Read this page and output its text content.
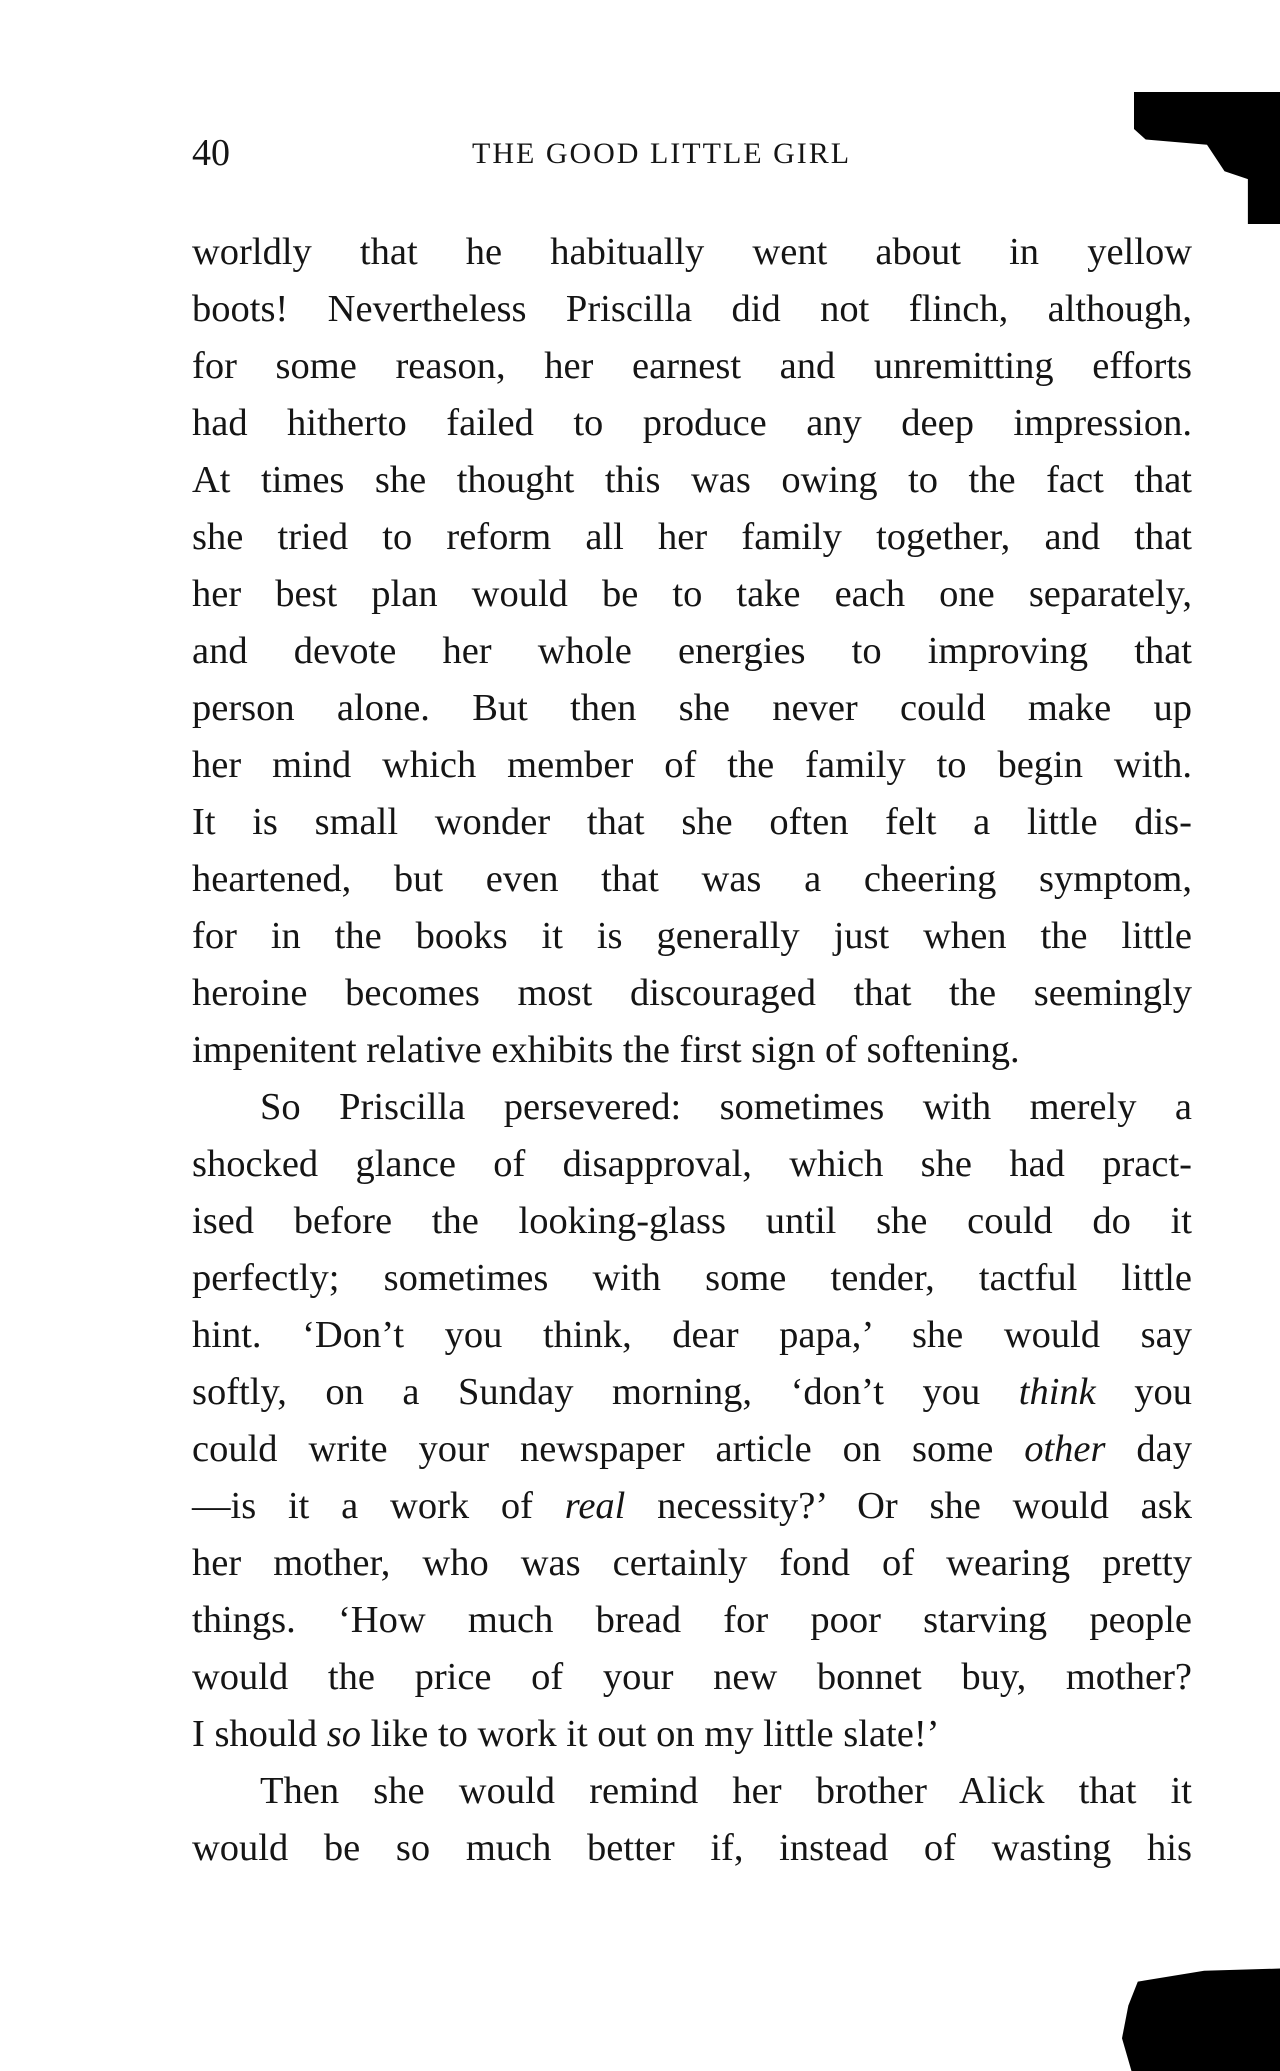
40	THE GOOD LITTLE GIRL
worldly that he habitually went about in yellow
boots! Nevertheless Priscilla did not flinch, although,
for some reason, her earnest and unremitting efforts
had hitherto failed to produce any deep impression.
At times she thought this was owing to the fact that
she tried to reform all her family together, and that
her best plan would be to take each one separately,
and devote her whole energies to improving that
person alone. But then she never could make up
her mind which member of the family to begin with.
It is small wonder that she often felt a little dis-
heartened, but even that was a cheering symptom,
for in the books it is generally just when the little
heroine becomes most discouraged that the seemingly
impenitent relative exhibits the first sign of softening.
So Priscilla persevered: sometimes with merely a
shocked glance of disapproval, which she had pract-
ised before the looking-glass until she could do it
perfectly; sometimes with some tender, tactful little
hint. ‘Don’t you think, dear papa,’ she would say
softly, on a Sunday morning, ‘don’t you think you
could write your newspaper article on some other day
—is it a work of real necessity?’ Or she would ask
her mother, who was certainly fond of wearing pretty
things. ‘How much bread for poor starving people
would the price of your new bonnet buy, mother?
I should so like to work it out on my little slate!’
Then she would remind her brother Alick that it
would be so much better if, instead of wasting his
